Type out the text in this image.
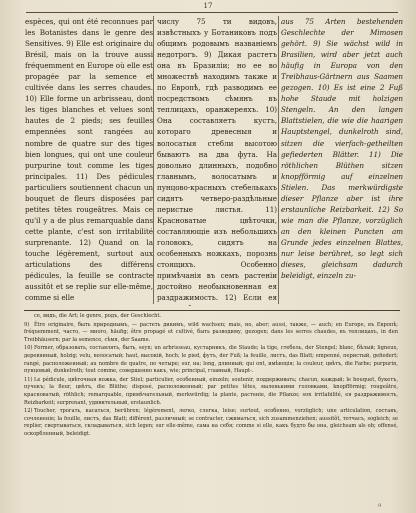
17
espèces, qui ont été reconnues par les Botanistes dans le genre des Sensitives. 9) Elle est originaire du Brésil, mais on la trouve aussi fréquemment en Europe où elle est propagée par la semence et cultivée dans les serres chaudes. 10) Elle forme un arbrisseau, dont les tiges blanches et velues sont hautes de 2 pieds; ses feuilles empennées sont rangées au nombre de quatre sur des tiges bien longues, qui ont une couleur purpurine tout comme les tiges principales. 11) Des pédicules particuliers soutiennent chacun un bouquet de fleurs disposées par petites têtes rougeâtres. Mais ce qu'il y a de plus remarquable dans cette plante, c'est son irritabilité surprenante. 12) Quand on la touche légèrement, surtout aux articulations des différens pédicules, la feuille se contracte aussitôt et se replie sur elle-même, comme si elle
числу 75 ти видовъ, извѣстныхъ у Ботаниковъ подъ общимъ родовымъ названіемъ недотрогъ. 9) Дикая растетъ она въ Бразиліи; но ее во множествѣ находимъ также и по Европѣ, гдѣ разводимъ ее посредствомъ сѣмянъ въ теплицахъ, оранжереяхъ. 10) Она составляетъ кустъ, котораго древесныя и волосатыя стебли высотою бываютъ на два фута. На довольно длинныхъ, подобно главнымъ, волосатымъ и пунцово-красныхъ стебелькахъ сидятъ четверо-раздѣльные перистые листья. 11) Красноватые цвѣточки, составляющіе изъ небольшихъ головокъ, сидятъ на особенныхъ ножкахъ, порознь стоящихъ. Особенно примѣчанія въ семъ растеніи достойно необыкновенная ея раздражимость. 12) Если ея
aus 75 Arten bestehenden Geschlechte der Mimosen gehört. 9) Sie wächst wild in Brasilien, wird aber jetzt auch häufig in Europa von den Treibhaus-Gärtnern aus Saamen gezogen. 10) Es ist eine 2 Fuß hohe Staude mit holzigen Stengeln. An den langen Blattstielen, die wie die haarigen Hauptstengel, dunkelroth sind, sitzen die vierfach-getheilten gefiederten Blätter. 11) Die röthlichen Blüthen sitzen knopfförmig auf einzelnen Stielen. Das merkwürdigste dieser Pflanze aber ist ihre erstaunliche Reizbarkeit. 12) So wie man die Pflanze, vorzüglich an den kleinen Puncten am Grunde jedes einzelnen Blattes, nur leise berühret, so legt sich dieses, gleichsam dadurch beleidigt, einzeln zu-
ce, видъ, die Art; le genre, родъ, der Geschlecht.
9) Être originaire, быть природнымъ, — растеть дикимъ, wild wachsen; mais, но, aber; aussi, также, — auch; en Europe, въ Европѣ; fréquemment, часто, — много, häufig; être propagé et cultivé, быть разводиму, gezogen; dans les serres chaudes, въ теплицахъ, in den Treibhäusern; par la semence, сѣмя, der Saame.
10) Former, образовать, составлять, быть, seyn; un arbrisseau, кустарникъ, die Staude; la tige, стебель, der Stengel; blanc, бѣлый; ligneux, деревянный, holzig; velu, волосатый; haut, высокій, hoch; le pied, футъ, der Fuß; la feuille, листъ, das Blatt; empenné, перистый, gefiedert; rangé, расположенный; au nombre de quatre, по четыре; sur, на; long, длинный; qui ont, имѣющія; la couleur, цвѣтъ, die Farbe; purpurin, пунцовый, dunkelroth; tout comme, совершенно какъ, wie; principal, главный, Haupt-.
11) Le pédicule, цвѣточная ножка, der Stiel; particulier, особенный, einzeln; soutenir, поддерживать; chacun, каждый; le bouquet, букетъ, пучекъ; la fleur, цвѣтъ, die Blüthe; disposé, расположенный; par petites têtes, маленькими головками, knopfförmig; rougeâtre, красноватый, röthlich; remarquable, примѣчательный, merkwürdig; la plante, растеніе, die Pflanze; son irritabilité, ея раздражимость, Reizbarkeit; surprenant, удивительный, erstaunlich.
12) Toucher, трогать, касаться, berühren; légèrement, легко, слегка, leise; surtout, особенно, vorzüglich; une articulation, составъ, сочлененіе; la feuille, листъ, das Blatt; différent, различный; se contracter, сжиматься, sich zusammenziehen; aussitôt, тотчасъ, sogleich; se replier, свертываться, складываться, sich legen; sur elle-même, сама на себя; comme si elle, какъ будто бы она, gleichsam als ob; offensé, оскорбленный, beleidigt.
9
